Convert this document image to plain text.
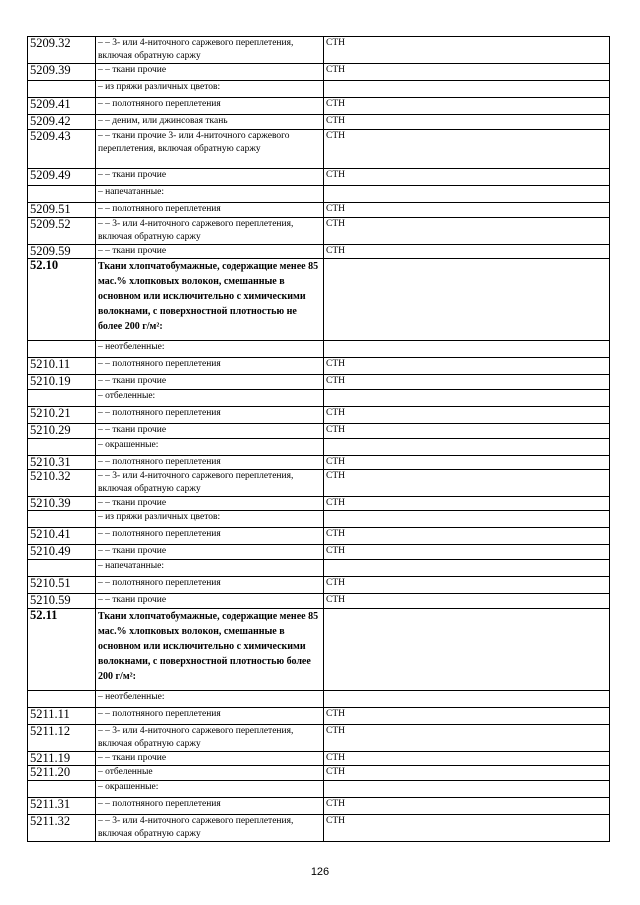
5209.32	– – 3- или 4-ниточного саржевого переплетения, включая обратную саржу	СТН
5209.39	– – ткани прочие	СТН
	– из пряжи различных цветов:	
5209.41	– – полотняного переплетения	СТН
5209.42	– – деним, или джинсовая ткань	СТН
5209.43	– – ткани прочие 3- или 4-ниточного саржевого переплетения, включая обратную саржу	СТН
5209.49	– – ткани прочие	СТН
	– напечатанные:	
5209.51	– – полотняного переплетения	СТН
5209.52	– – 3- или 4-ниточного саржевого переплетения, включая обратную саржу	СТН
5209.59	– – ткани прочие	СТН
52.10	Ткани хлопчатобумажные, содержащие менее 85 мас.% хлопковых волокон, смешанные в основном или исключительно с химическими волокнами, с поверхностной плотностью не более 200 г/м²:	
	– неотбеленные:	
5210.11	– – полотняного переплетения	СТН
5210.19	– – ткани прочие	СТН
	– отбеленные:	
5210.21	– – полотняного переплетения	СТН
5210.29	– – ткани прочие	СТН
	– окрашенные:	
5210.31	– – полотняного переплетения	СТН
5210.32	– – 3- или 4-ниточного саржевого переплетения, включая обратную саржу	СТН
5210.39	– – ткани прочие	СТН
	– из пряжи различных цветов:	
5210.41	– – полотняного переплетения	СТН
5210.49	– – ткани прочие	СТН
	– напечатанные:	
5210.51	– – полотняного переплетения	СТН
5210.59	– – ткани прочие	СТН
52.11	Ткани хлопчатобумажные, содержащие менее 85 мас.% хлопковых волокон, смешанные в основном или исключительно с химическими волокнами, с поверхностной плотностью более 200 г/м²:	
	– неотбеленные:	
5211.11	– – полотняного переплетения	СТН
5211.12	– – 3- или 4-ниточного саржевого переплетения, включая обратную саржу	СТН
5211.19	– – ткани прочие	СТН
5211.20	– отбеленные	СТН
	– окрашенные:	
5211.31	– – полотняного переплетения	СТН
5211.32	– – 3- или 4-ниточного саржевого переплетения, включая обратную саржу	СТН
126
